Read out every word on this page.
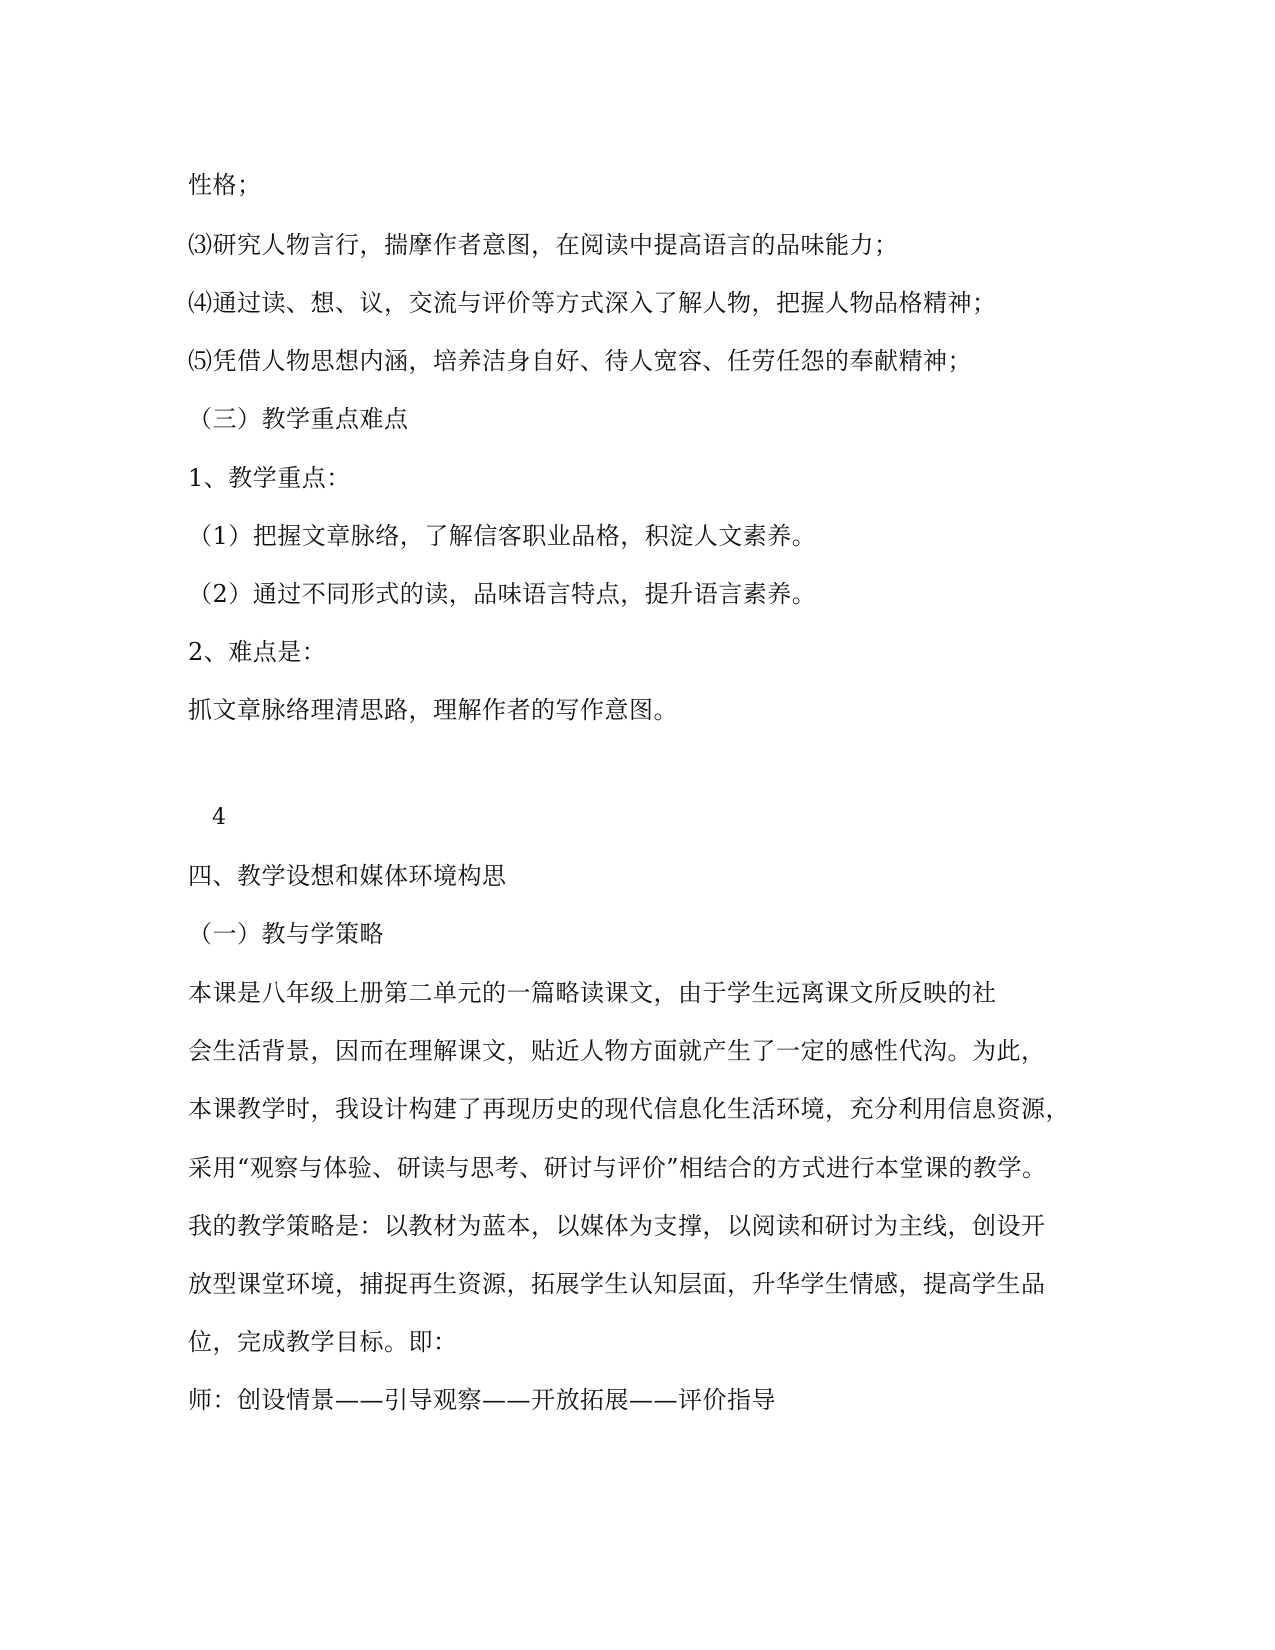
性格；
⑶研究人物言行，揣摩作者意图，在阅读中提高语言的品味能力；
⑷通过读、想、议，交流与评价等方式深入了解人物，把握人物品格精神；
⑸凭借人物思想内涵，培养洁身自好、待人宽容、任劳任怨的奉献精神；
（三）教学重点难点
1、教学重点：
（1）把握文章脉络，了解信客职业品格，积淀人文素养。
（2）通过不同形式的读，品味语言特点，提升语言素养。
2、难点是：
抓文章脉络理清思路，理解作者的写作意图。
4
四、教学设想和媒体环境构思
（一）教与学策略
本课是八年级上册第二单元的一篇略读课文，由于学生远离课文所反映的社
会生活背景，因而在理解课文，贴近人物方面就产生了一定的感性代沟。为此，
本课教学时，我设计构建了再现历史的现代信息化生活环境，充分利用信息资源，
采用“观察与体验、研读与思考、研讨与评价”相结合的方式进行本堂课的教学。
我的教学策略是：以教材为蓝本，以媒体为支撑，以阅读和研讨为主线，创设开
放型课堂环境，捕捉再生资源，拓展学生认知层面，升华学生情感，提高学生品
位，完成教学目标。即：
师：创设情景——引导观察——开放拓展——评价指导
